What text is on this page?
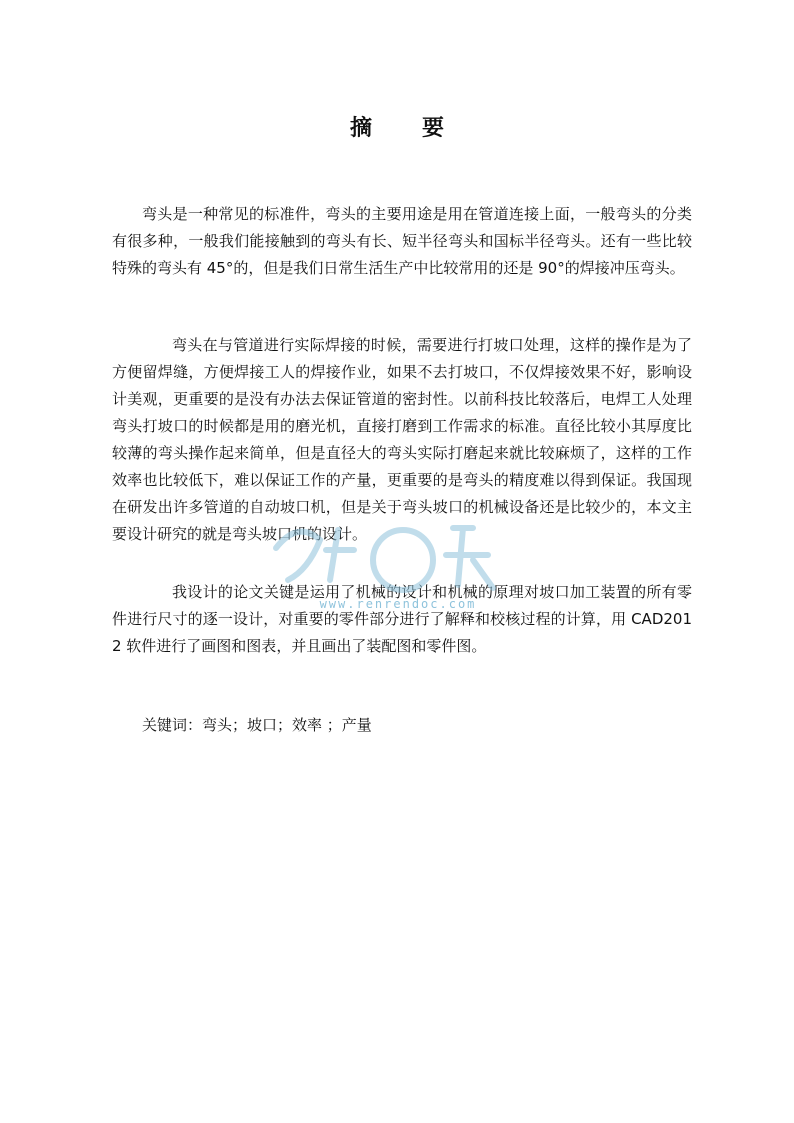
摘　要

弯头是一种常见的标准件，弯头的主要用途是用在管道连接上面，一般弯头的分类有很多种，一般我们能接触到的弯头有长、短半径弯头和国标半径弯头。还有一些比较特殊的弯头有 45°的，但是我们日常生活生产中比较常用的还是 90°的焊接冲压弯头。

弯头在与管道进行实际焊接的时候，需要进行打坡口处理，这样的操作是为了方便留焊缝，方便焊接工人的焊接作业，如果不去打坡口，不仅焊接效果不好，影响设计美观，更重要的是没有办法去保证管道的密封性。以前科技比较落后，电焊工人处理弯头打坡口的时候都是用的磨光机，直接打磨到工作需求的标准。直径比较小其厚度比较薄的弯头操作起来简单，但是直径大的弯头实际打磨起来就比较麻烦了，这样的工作效率也比较低下，难以保证工作的产量，更重要的是弯头的精度难以得到保证。我国现在研发出许多管道的自动坡口机，但是关于弯头坡口的机械设备还是比较少的，本文主要设计研究的就是弯头坡口机的设计。

我设计的论文关键是运用了机械的设计和机械的原理对坡口加工装置的所有零件进行尺寸的逐一设计，对重要的零件部分进行了解释和校核过程的计算，用 CAD2012 软件进行了画图和图表，并且画出了装配图和零件图。

关键词：弯头；坡口；效率 ；产量
www.renrendoc.com
